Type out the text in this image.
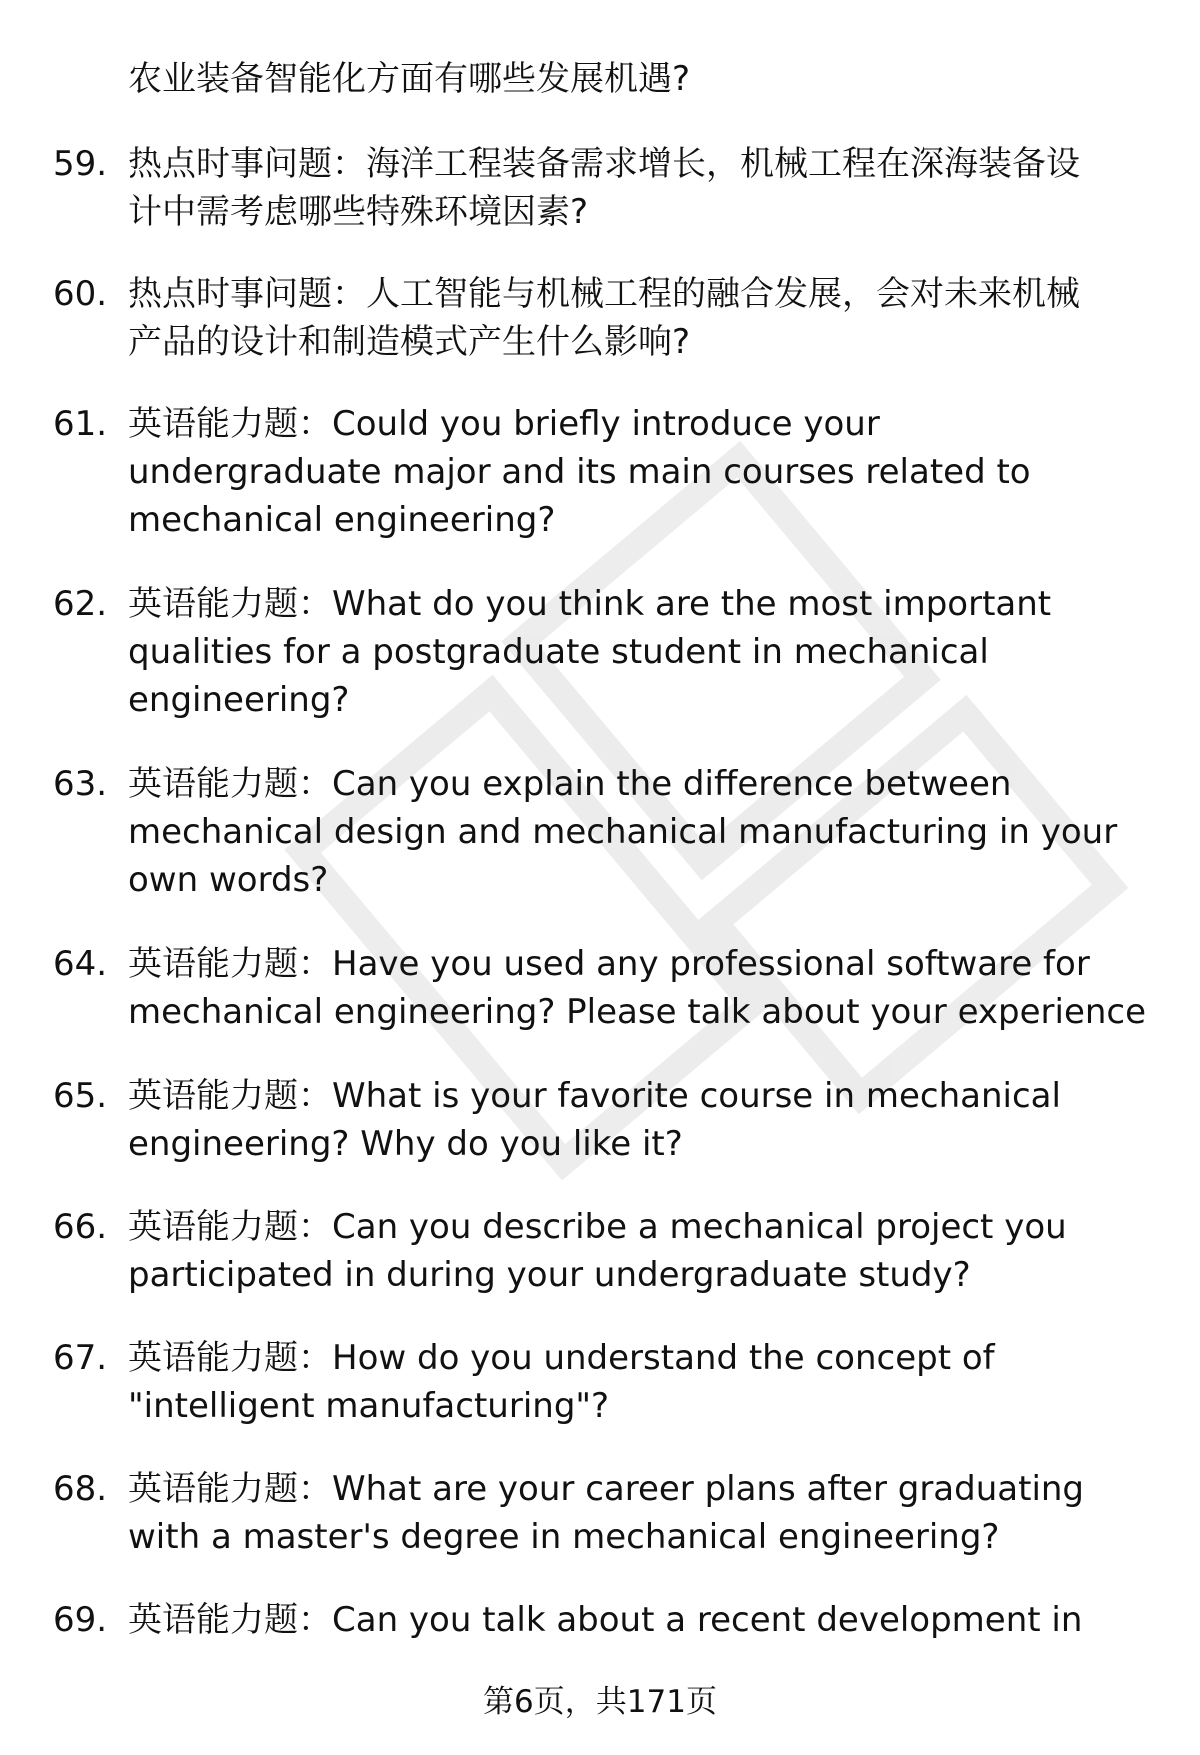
农业装备智能化方面有哪些发展机遇?
59. 热点时事问题：海洋工程装备需求增长，机械工程在深海装备设
计中需考虑哪些特殊环境因素?
60. 热点时事问题：人工智能与机械工程的融合发展，会对未来机械
产品的设计和制造模式产生什么影响?
61. 英语能力题：Could you briefly introduce your
undergraduate major and its main courses related to
mechanical engineering?
62. 英语能力题：What do you think are the most important
qualities for a postgraduate student in mechanical
engineering?
63. 英语能力题：Can you explain the difference between
mechanical design and mechanical manufacturing in your
own words?
64. 英语能力题：Have you used any professional software for
mechanical engineering? Please talk about your experience
65. 英语能力题：What is your favorite course in mechanical
engineering? Why do you like it?
66. 英语能力题：Can you describe a mechanical project you
participated in during your undergraduate study?
67. 英语能力题：How do you understand the concept of
"intelligent manufacturing"?
68. 英语能力题：What are your career plans after graduating
with a master's degree in mechanical engineering?
69. 英语能力题：Can you talk about a recent development in
第6页，共171页
